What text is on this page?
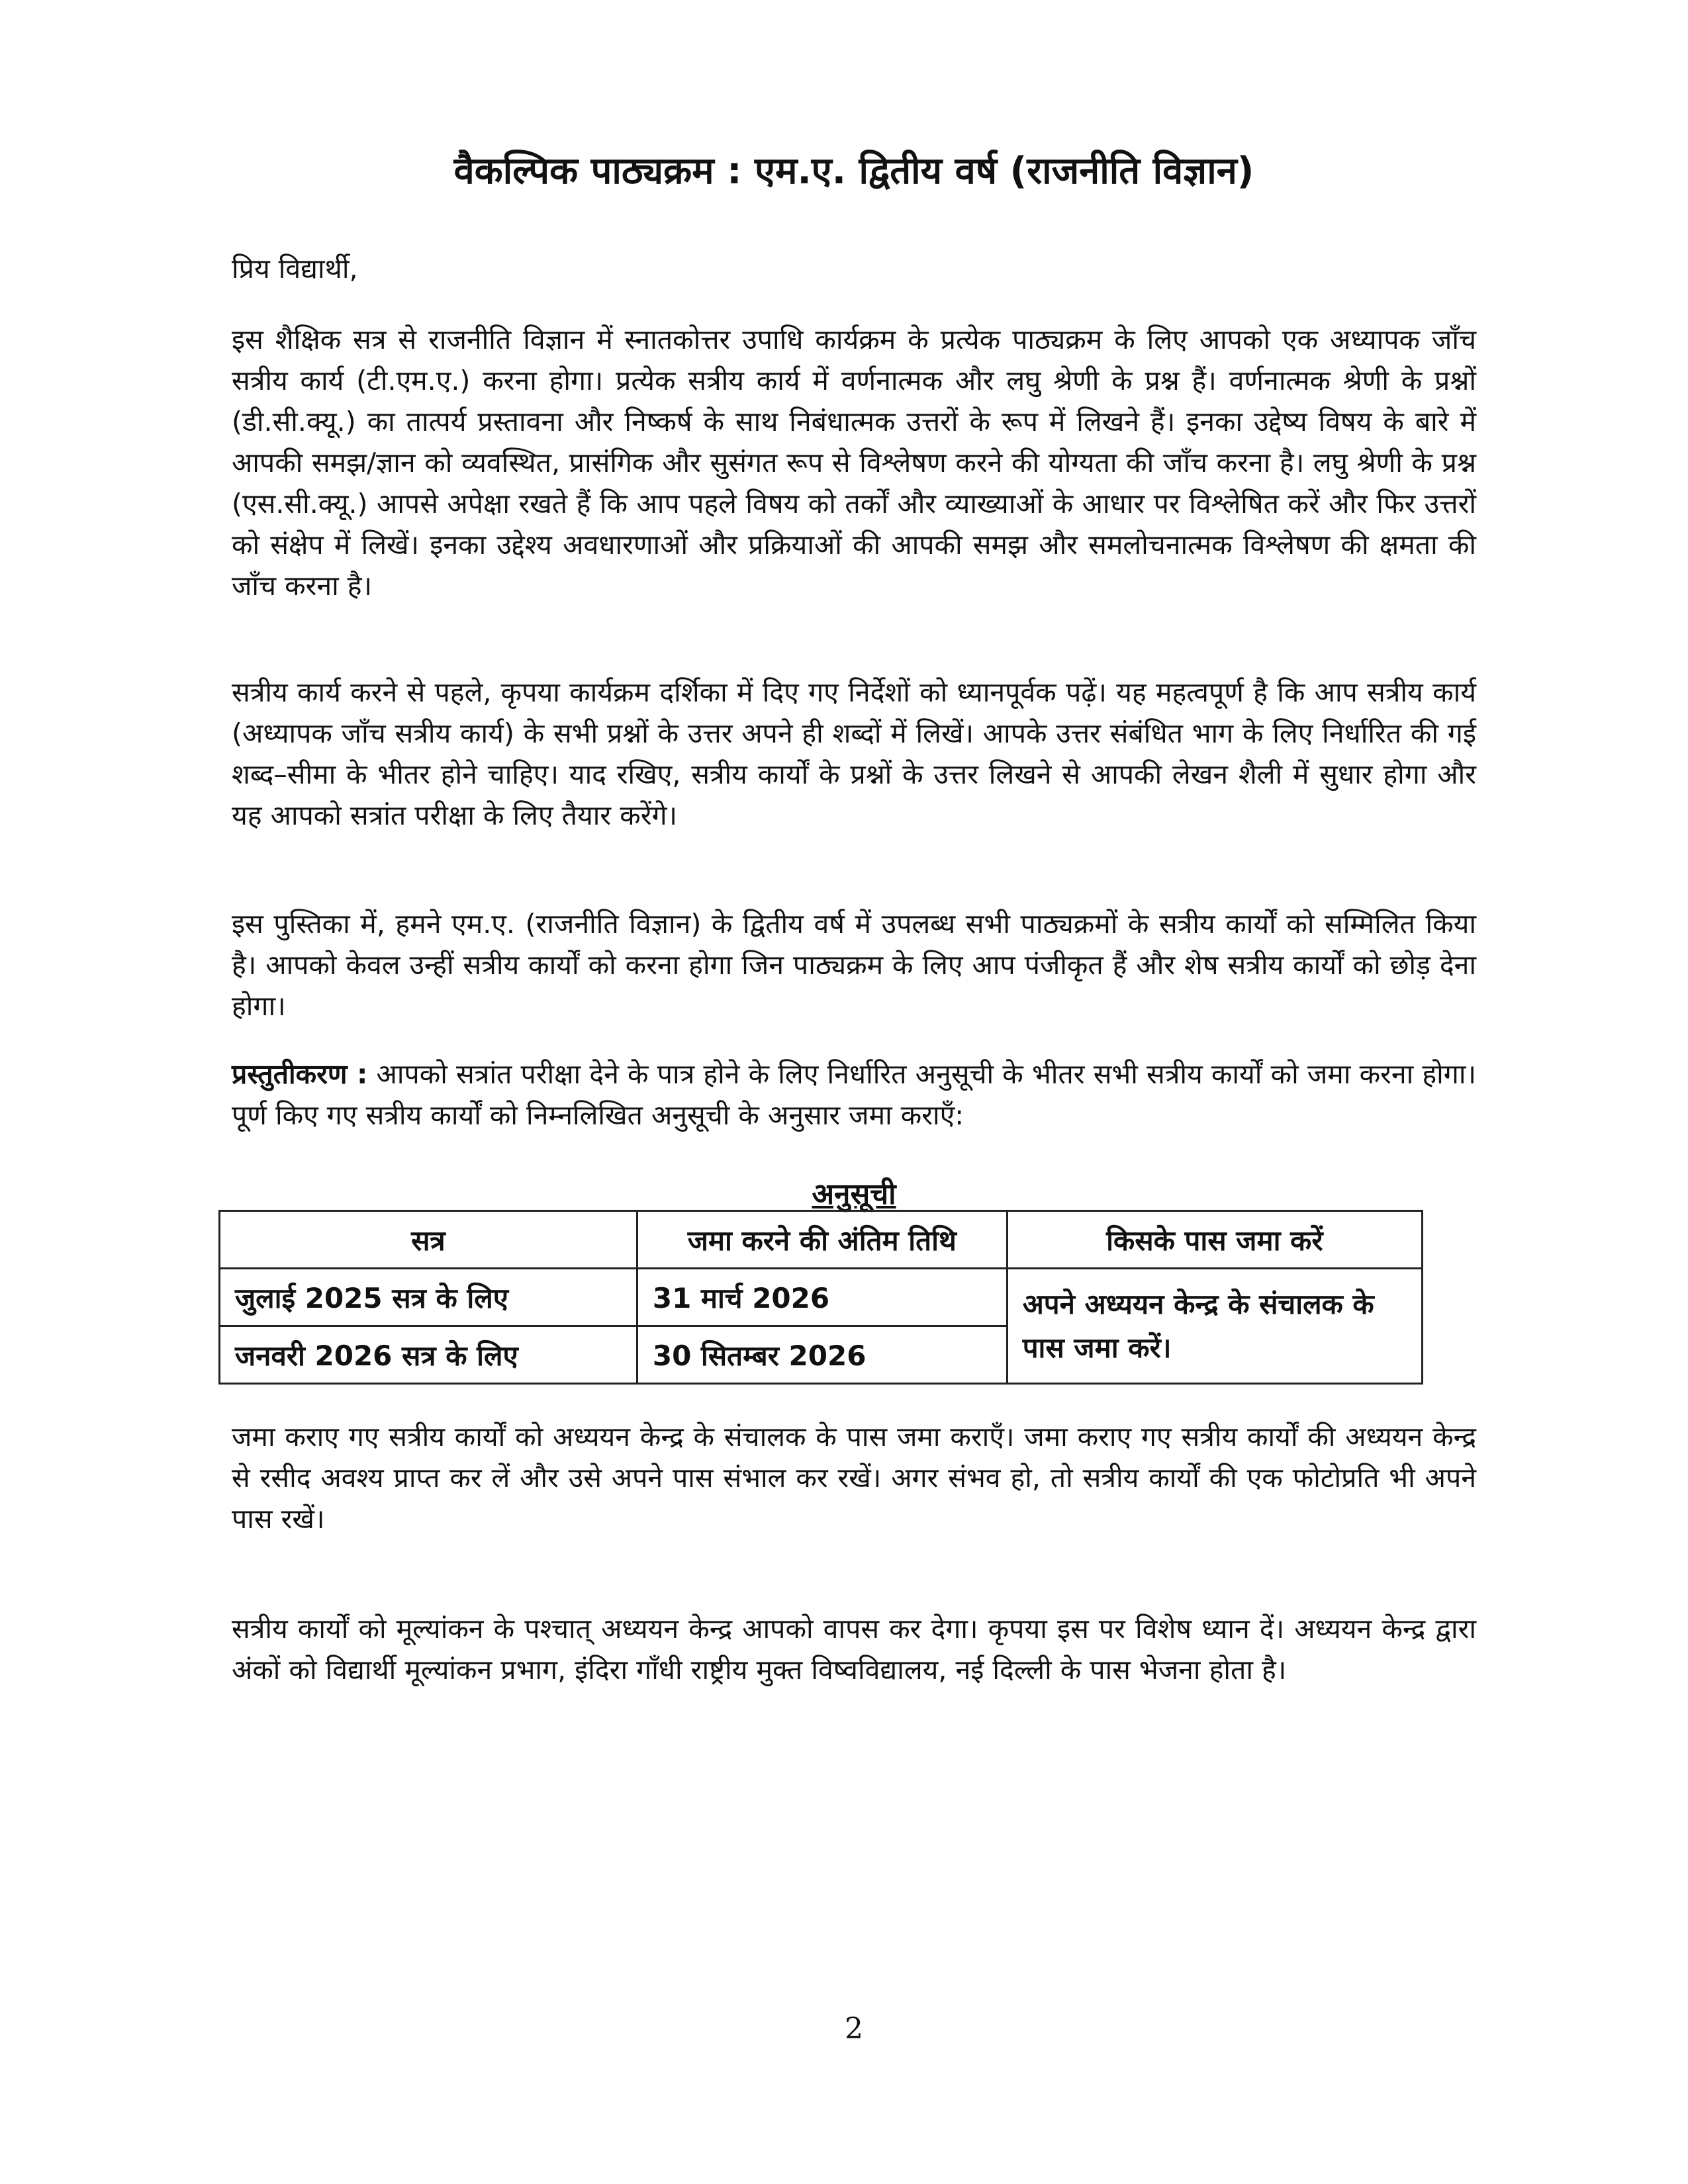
वैकल्पिक पाठ्यक्रम : एम.ए. द्वितीय वर्ष (राजनीति विज्ञान)

प्रिय विद्यार्थी,

इस शैक्षिक सत्र से राजनीति विज्ञान में स्नातकोत्तर उपाधि कार्यक्रम के प्रत्येक पाठ्यक्रम के लिए आपको एक अध्यापक जाँच सत्रीय कार्य (टी.एम.ए.) करना होगा। प्रत्येक सत्रीय कार्य में वर्णनात्मक और लघु श्रेणी के प्रश्न हैं। वर्णनात्मक श्रेणी के प्रश्नों (डी.सी.क्यू.) का तात्पर्य प्रस्तावना और निष्कर्ष के साथ निबंधात्मक उत्तरों के रूप में लिखने हैं। इनका उद्देष्य विषय के बारे में आपकी समझ/ज्ञान को व्यवस्थित, प्रासंगिक और सुसंगत रूप से विश्लेषण करने की योग्यता की जाँच करना है। लघु श्रेणी के प्रश्न (एस.सी.क्यू.) आपसे अपेक्षा रखते हैं कि आप पहले विषय को तर्कों और व्याख्याओं के आधार पर विश्लेषित करें और फिर उत्तरों को संक्षेप में लिखें। इनका उद्देश्य अवधारणाओं और प्रक्रियाओं की आपकी समझ और समलोचनात्मक विश्लेषण की क्षमता की जाँच करना है।

सत्रीय कार्य करने से पहले, कृपया कार्यक्रम दर्शिका में दिए गए निर्देशों को ध्यानपूर्वक पढ़ें। यह महत्वपूर्ण है कि आप सत्रीय कार्य (अध्यापक जाँच सत्रीय कार्य) के सभी प्रश्नों के उत्तर अपने ही शब्दों में लिखें। आपके उत्तर संबंधित भाग के लिए निर्धारित की गई शब्द–सीमा के भीतर होने चाहिए। याद रखिए, सत्रीय कार्यों के प्रश्नों के उत्तर लिखने से आपकी लेखन शैली में सुधार होगा और यह आपको सत्रांत परीक्षा के लिए तैयार करेंगे।

इस पुस्तिका में, हमने एम.ए. (राजनीति विज्ञान) के द्वितीय वर्ष में उपलब्ध सभी पाठ्यक्रमों के सत्रीय कार्यों को सम्मिलित किया है। आपको केवल उन्हीं सत्रीय कार्यों को करना होगा जिन पाठ्यक्रम के लिए आप पंजीकृत हैं और शेष सत्रीय कार्यों को छोड़ देना होगा।

प्रस्तुतीकरण : आपको सत्रांत परीक्षा देने के पात्र होने के लिए निर्धारित अनुसूची के भीतर सभी सत्रीय कार्यों को जमा करना होगा। पूर्ण किए गए सत्रीय कार्यों को निम्नलिखित अनुसूची के अनुसार जमा कराएँ:

अनुसूची

सत्र	जमा करने की अंतिम तिथि	किसके पास जमा करें
जुलाई 2025 सत्र के लिए	31 मार्च 2026	अपने अध्ययन केन्द्र के संचालक के पास जमा करें।
जनवरी 2026 सत्र के लिए	30 सितम्बर 2026	

जमा कराए गए सत्रीय कार्यों को अध्ययन केन्द्र के संचालक के पास जमा कराएँ। जमा कराए गए सत्रीय कार्यों की अध्ययन केन्द्र से रसीद अवश्य प्राप्त कर लें और उसे अपने पास संभाल कर रखें। अगर संभव हो, तो सत्रीय कार्यों की एक फोटोप्रति भी अपने पास रखें।

सत्रीय कार्यों को मूल्यांकन के पश्चात् अध्ययन केन्द्र आपको वापस कर देगा। कृपया इस पर विशेष ध्यान दें। अध्ययन केन्द्र द्वारा अंकों को विद्यार्थी मूल्यांकन प्रभाग, इंदिरा गाँधी राष्ट्रीय मुक्त विष्वविद्यालय, नई दिल्ली के पास भेजना होता है।

2
